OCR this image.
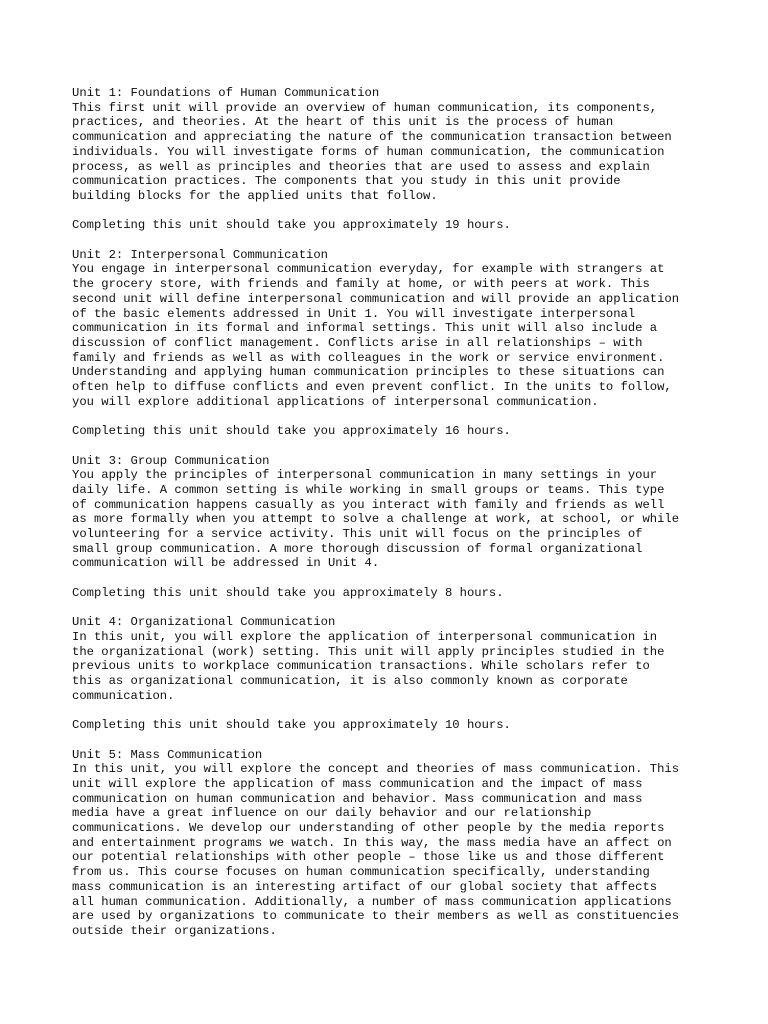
Unit 1: Foundations of Human Communication
This first unit will provide an overview of human communication, its components,
practices, and theories. At the heart of this unit is the process of human
communication and appreciating the nature of the communication transaction between
individuals. You will investigate forms of human communication, the communication
process, as well as principles and theories that are used to assess and explain
communication practices. The components that you study in this unit provide
building blocks for the applied units that follow.
Completing this unit should take you approximately 19 hours.
Unit 2: Interpersonal Communication
You engage in interpersonal communication everyday, for example with strangers at
the grocery store, with friends and family at home, or with peers at work. This
second unit will define interpersonal communication and will provide an application
of the basic elements addressed in Unit 1. You will investigate interpersonal
communication in its formal and informal settings. This unit will also include a
discussion of conflict management. Conflicts arise in all relationships – with
family and friends as well as with colleagues in the work or service environment.
Understanding and applying human communication principles to these situations can
often help to diffuse conflicts and even prevent conflict. In the units to follow,
you will explore additional applications of interpersonal communication.
Completing this unit should take you approximately 16 hours.
Unit 3: Group Communication
You apply the principles of interpersonal communication in many settings in your
daily life. A common setting is while working in small groups or teams. This type
of communication happens casually as you interact with family and friends as well
as more formally when you attempt to solve a challenge at work, at school, or while
volunteering for a service activity. This unit will focus on the principles of
small group communication. A more thorough discussion of formal organizational
communication will be addressed in Unit 4.
Completing this unit should take you approximately 8 hours.
Unit 4: Organizational Communication
In this unit, you will explore the application of interpersonal communication in
the organizational (work) setting. This unit will apply principles studied in the
previous units to workplace communication transactions. While scholars refer to
this as organizational communication, it is also commonly known as corporate
communication.
Completing this unit should take you approximately 10 hours.
Unit 5: Mass Communication
In this unit, you will explore the concept and theories of mass communication. This
unit will explore the application of mass communication and the impact of mass
communication on human communication and behavior. Mass communication and mass
media have a great influence on our daily behavior and our relationship
communications. We develop our understanding of other people by the media reports
and entertainment programs we watch. In this way, the mass media have an affect on
our potential relationships with other people – those like us and those different
from us. This course focuses on human communication specifically, understanding
mass communication is an interesting artifact of our global society that affects
all human communication. Additionally, a number of mass communication applications
are used by organizations to communicate to their members as well as constituencies
outside their organizations.
